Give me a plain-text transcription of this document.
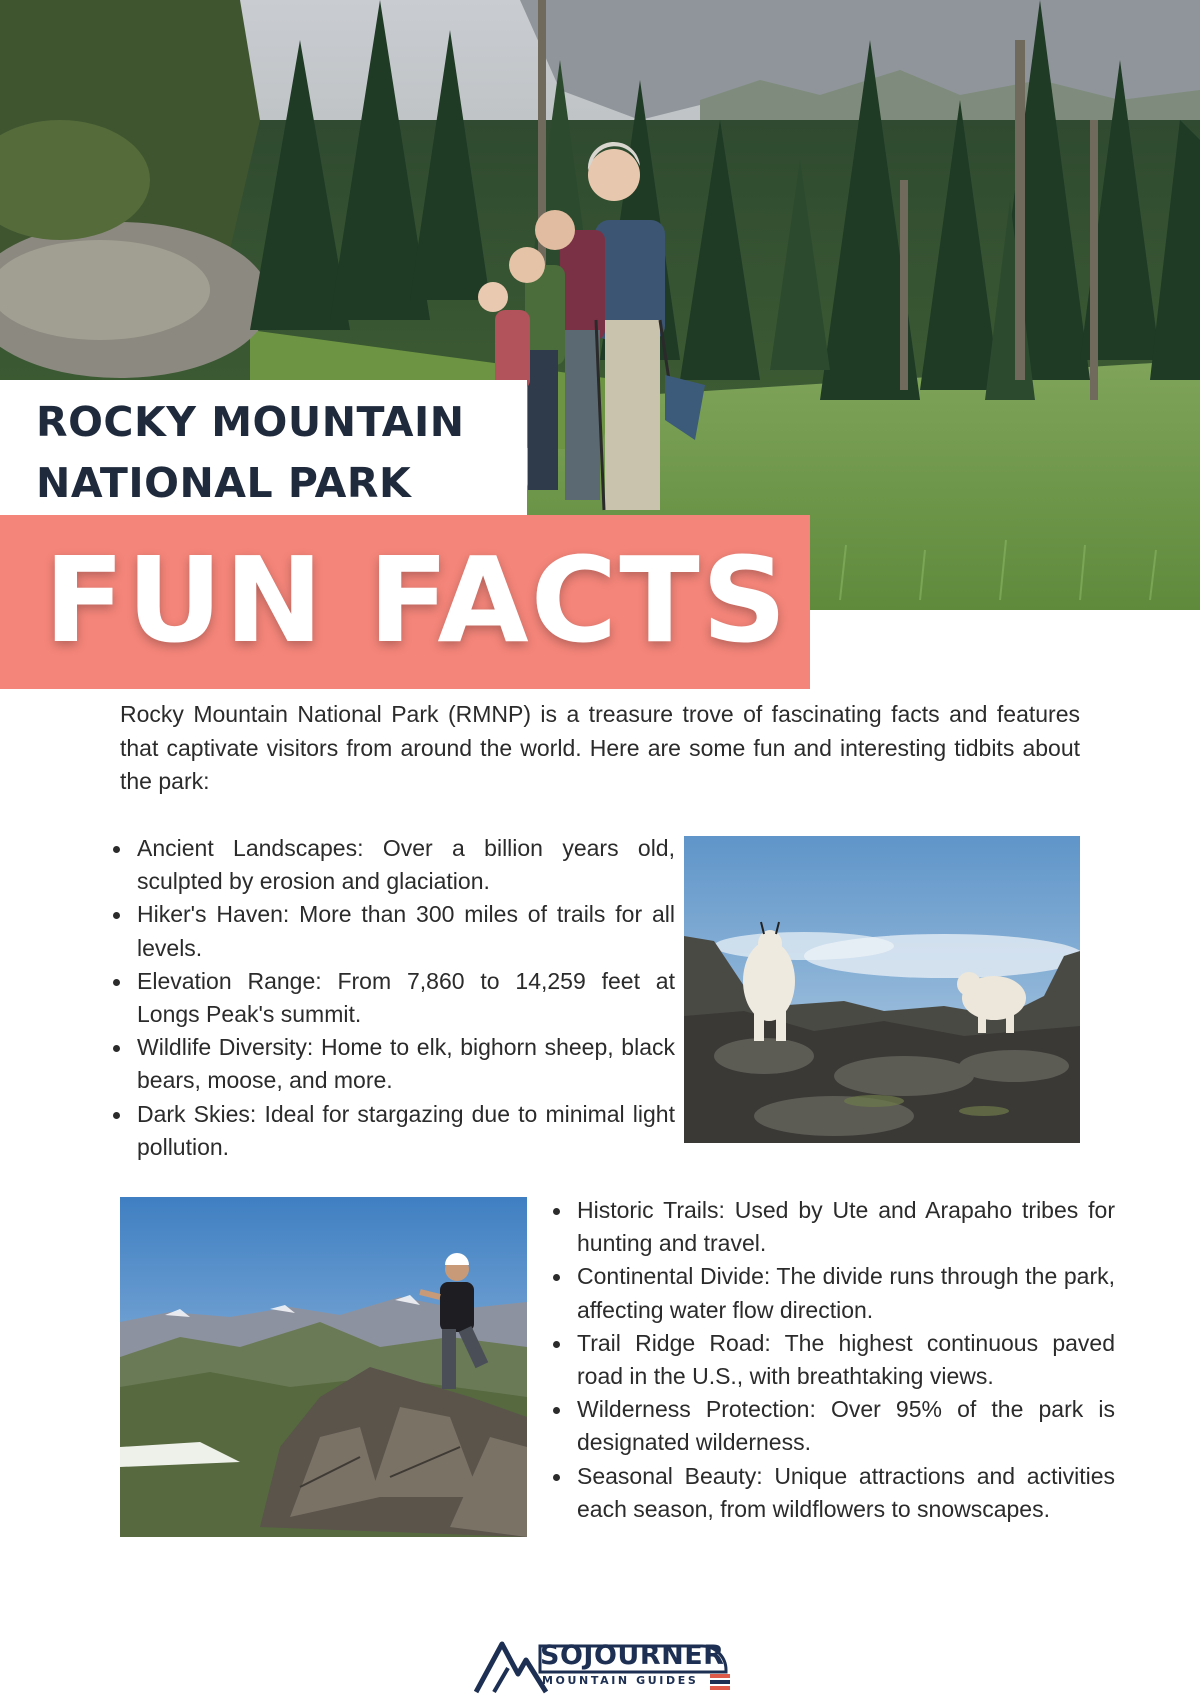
ROCKY MOUNTAIN
NATIONAL PARK
FUN FACTS

Rocky Mountain National Park (RMNP) is a treasure trove of fascinating facts and features that captivate visitors from around the world. Here are some fun and interesting tidbits about the park:

• Ancient Landscapes: Over a billion years old, sculpted by erosion and glaciation.
• Hiker's Haven: More than 300 miles of trails for all levels.
• Elevation Range: From 7,860 to 14,259 feet at Longs Peak's summit.
• Wildlife Diversity: Home to elk, bighorn sheep, black bears, moose, and more.
• Dark Skies: Ideal for stargazing due to minimal light pollution.
• Historic Trails: Used by Ute and Arapaho tribes for hunting and travel.
• Continental Divide: The divide runs through the park, affecting water flow direction.
• Trail Ridge Road: The highest continuous paved road in the U.S., with breathtaking views.
• Wilderness Protection: Over 95% of the park is designated wilderness.
• Seasonal Beauty: Unique attractions and activities each season, from wildflowers to snowscapes.
SOJOURNER
MOUNTAIN GUIDES
